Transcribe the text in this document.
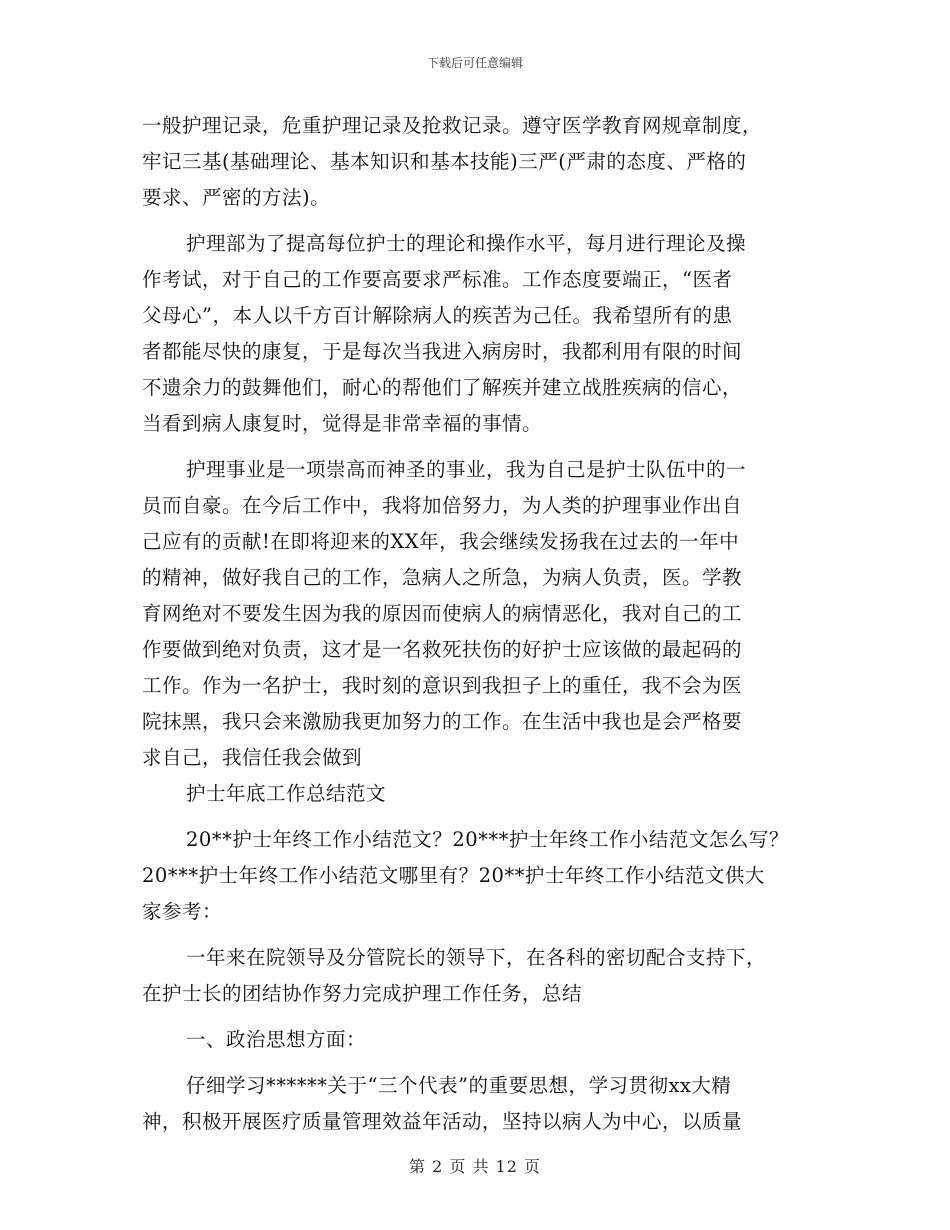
下载后可任意编辑
一般护理记录，危重护理记录及抢救记录。遵守医学教育网规章制度，
牢记三基(基础理论、基本知识和基本技能)三严(严肃的态度、严格的
要求、严密的方法)。
护理部为了提高每位护士的理论和操作水平，每月进行理论及操
作考试，对于自己的工作要高要求严标准。工作态度要端正，“医者
父母心”，本人以千方百计解除病人的疾苦为己任。我希望所有的患
者都能尽快的康复，于是每次当我进入病房时，我都利用有限的时间
不遗余力的鼓舞他们，耐心的帮他们了解疾并建立战胜疾病的信心，
当看到病人康复时，觉得是非常幸福的事情。
护理事业是一项崇高而神圣的事业，我为自己是护士队伍中的一
员而自豪。在今后工作中，我将加倍努力，为人类的护理事业作出自
己应有的贡献!在即将迎来的XX年，我会继续发扬我在过去的一年中
的精神，做好我自己的工作，急病人之所急，为病人负责，医。学教
育网绝对不要发生因为我的原因而使病人的病情恶化，我对自己的工
作要做到绝对负责，这才是一名救死扶伤的好护士应该做的最起码的
工作。作为一名护士，我时刻的意识到我担子上的重任，我不会为医
院抹黑，我只会来激励我更加努力的工作。在生活中我也是会严格要
求自己，我信任我会做到
护士年底工作总结范文
20**护士年终工作小结范文？20***护士年终工作小结范文怎么写？
20***护士年终工作小结范文哪里有？20**护士年终工作小结范文供大
家参考：
一年来在院领导及分管院长的领导下，在各科的密切配合支持下，
在护士长的团结协作努力完成护理工作任务，总结
一、政治思想方面：
仔细学习******关于“三个代表”的重要思想，学习贯彻xx大精
神，积极开展医疗质量管理效益年活动，坚持以病人为中心，以质量
第 2 页 共 12 页
